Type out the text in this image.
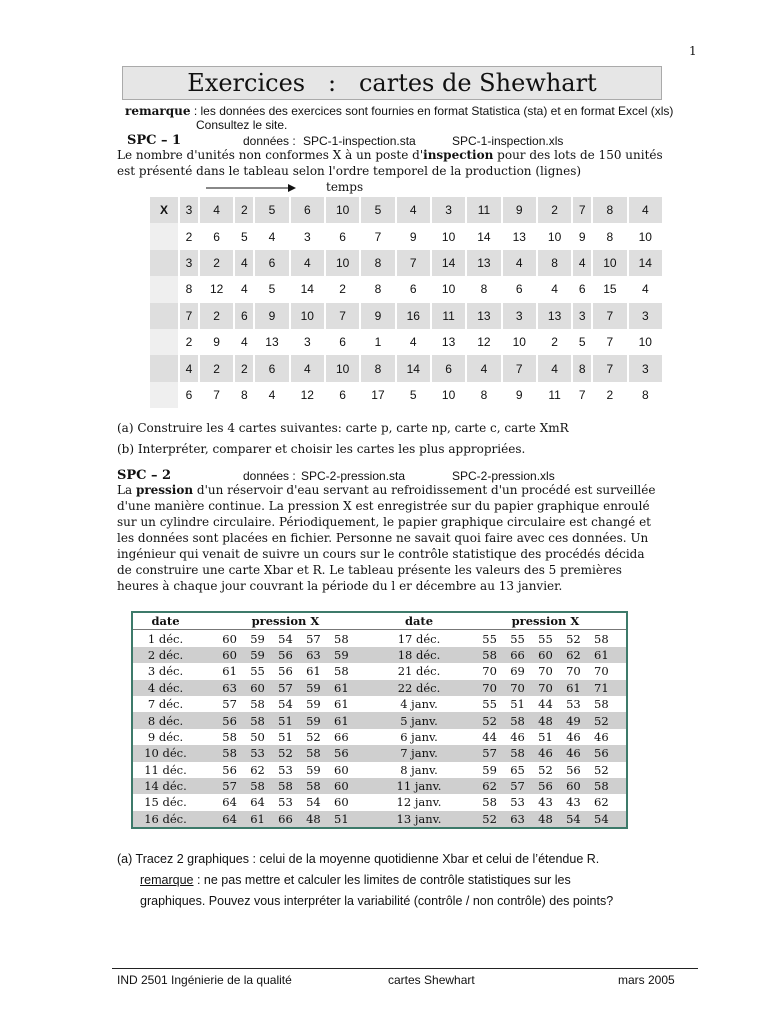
1
Exercices   :   cartes de Shewhart
remarque : les données des exercices sont fournies en format Statistica (sta) et en format Excel (xls)
Consultez le site.
SPC – 1	données : SPC-1-inspection.sta	SPC-1-inspection.xls
Le nombre d'unités non conformes X à un poste d'inspection pour des lots de 150 unités
est présenté dans le tableau selon l'ordre temporel de la production (lignes)
temps
X	3	4	2	5	6	10	5	4	3	11	9	2	7	8	4
	2	6	5	4	3	6	7	9	10	14	13	10	9	8	10
	3	2	4	6	4	10	8	7	14	13	4	8	4	10	14
	8	12	4	5	14	2	8	6	10	8	6	4	6	15	4
	7	2	6	9	10	7	9	16	11	13	3	13	3	7	3
	2	9	4	13	3	6	1	4	13	12	10	2	5	7	10
	4	2	2	6	4	10	8	14	6	4	7	4	8	7	3
	6	7	8	4	12	6	17	5	10	8	9	11	7	2	8
(a) Construire les 4 cartes suivantes: carte p, carte np, carte c, carte XmR
(b) Interpréter, comparer et choisir les cartes les plus appropriées.
SPC – 2	données : SPC-2-pression.sta	SPC-2-pression.xls
La pression d'un réservoir d'eau servant au refroidissement d'un procédé est surveillée
d'une manière continue. La pression X est enregistrée sur du papier graphique enroulé
sur un cylindre circulaire. Périodiquement, le papier graphique circulaire est changé et
les données sont placées en fichier. Personne ne savait quoi faire avec ces données. Un
ingénieur qui venait de suivre un cours sur le contrôle statistique des procédés décida
de construire une carte Xbar et R. Le tableau présente les valeurs des 5 premières
heures à chaque jour couvrant la période du l er décembre au 13 janvier.
date	pression X	date	pression X
1 déc.	60  59  54  57  58	17 déc.	55  55  55  52  58
2 déc.	60  59  56  63  59	18 déc.	58  66  60  62  61
3 déc.	61  55  56  61  58	21 déc.	70  69  70  70  70
4 déc.	63  60  57  59  61	22 déc.	70  70  70  61  71
7 déc.	57  58  54  59  61	4 janv.	55  51  44  53  58
8 déc.	56  58  51  59  61	5 janv.	52  58  48  49  52
9 déc.	58  50  51  52  66	6 janv.	44  46  51  46  46
10 déc.	58  53  52  58  56	7 janv.	57  58  46  46  56
11 déc.	56  62  53  59  60	8 janv.	59  65  52  56  52
14 déc.	57  58  58  58  60	11 janv.	62  57  56  60  58
15 déc.	64  64  53  54  60	12 janv.	58  53  43  43  62
16 déc.	64  61  66  48  51	13 janv.	52  63  48  54  54
(a) Tracez 2 graphiques : celui de la moyenne quotidienne Xbar et celui de l’étendue R.
remarque : ne pas mettre et calculer les limites de contrôle statistiques sur les
graphiques. Pouvez vous interpréter la variabilité (contrôle / non contrôle) des points?
IND 2501 Ingénierie de la qualité	cartes Shewhart	mars 2005
